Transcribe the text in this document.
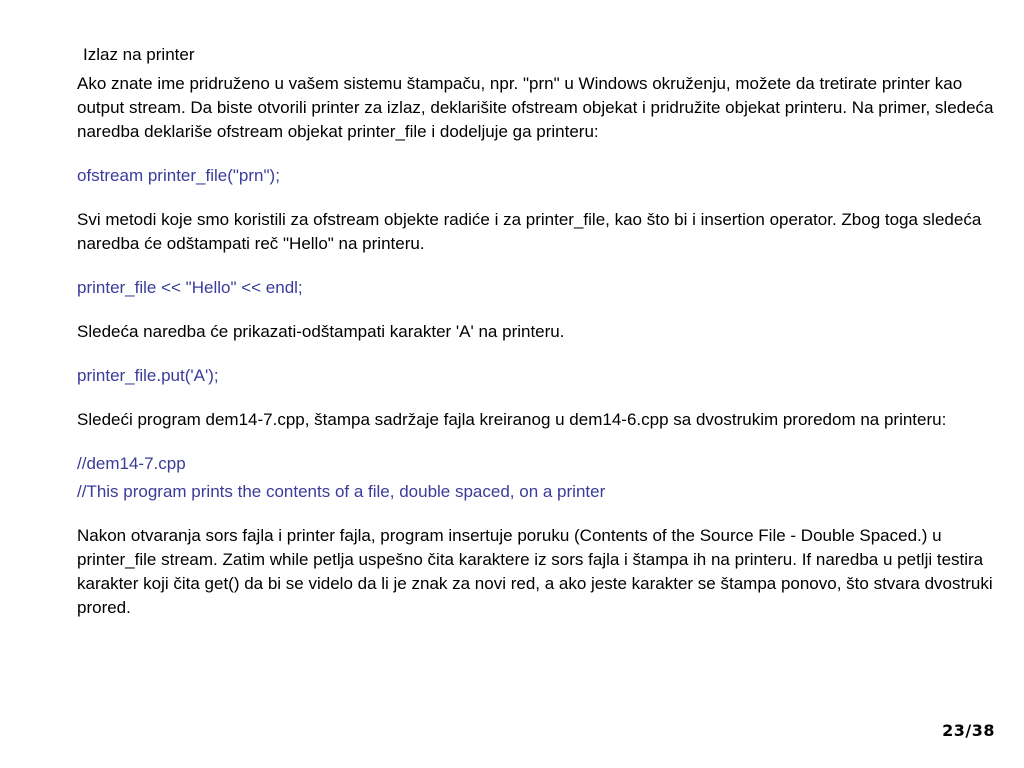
Izlaz na printer

Ako znate ime pridruženo u vašem sistemu štampaču, npr. "prn" u Windows okruženju, možete da tretirate printer kao output stream. Da biste otvorili printer za izlaz, deklarišite ofstream objekat i pridružite objekat printeru. Na primer, sledeća naredba deklariše ofstream objekat printer_file i dodeljuje ga printeru:

ofstream printer_file("prn");

Svi metodi koje smo koristili za ofstream objekte radiće i za printer_file, kao što bi i insertion operator. Zbog toga sledeća naredba će odštampati reč "Hello" na printeru.

printer_file << "Hello" << endl;

Sledeća naredba će prikazati-odštampati karakter 'A' na printeru.

printer_file.put('A');

Sledeći program dem14-7.cpp, štampa sadržaje fajla kreiranog u dem14-6.cpp sa dvostrukim proredom na printeru:

//dem14-7.cpp

//This program prints the contents of a file, double spaced, on a printer

Nakon otvaranja sors fajla i printer fajla, program insertuje poruku (Contents of the Source File - Double Spaced.) u printer_file stream. Zatim while petlja uspešno čita karaktere iz sors fajla i štampa ih na printeru. If naredba u petlji testira karakter koji čita get() da bi se videlo da li je znak za novi red, a ako jeste karakter se štampa ponovo, što stvara dvostruki prored.

23/38
